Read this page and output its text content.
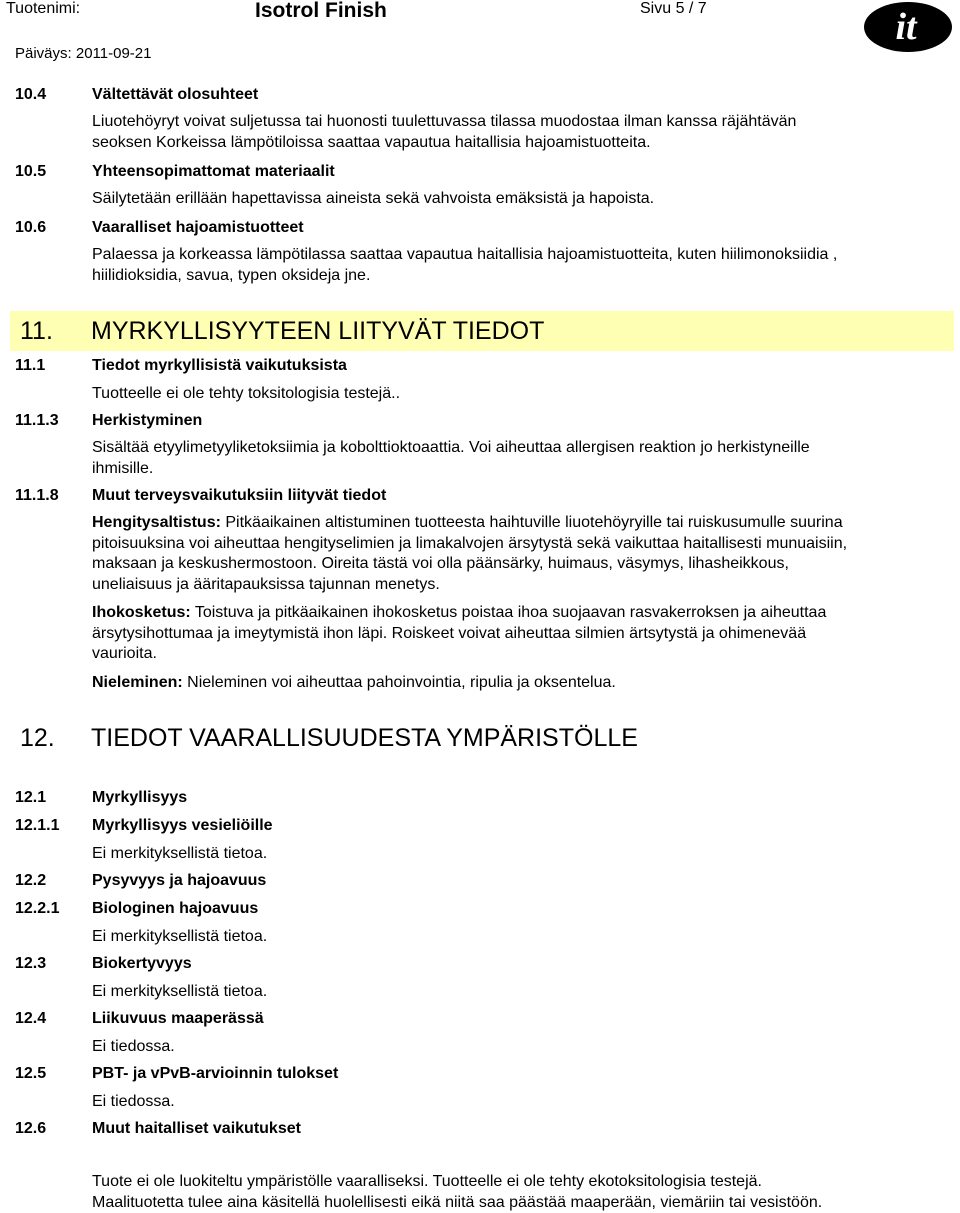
Tuotenimi:	Isotrol Finish	Sivu 5 / 7
Päiväys: 2011-09-21
it
10.4	Vältettävät olosuhteet
Liuotehöyryt voivat suljetussa tai huonosti tuulettuvassa tilassa muodostaa ilman kanssa räjähtävän
seoksen Korkeissa lämpötiloissa saattaa vapautua haitallisia hajoamistuotteita.
10.5	Yhteensopimattomat materiaalit
Säilytetään erillään hapettavissa aineista sekä vahvoista emäksistä ja hapoista.
10.6	Vaaralliset hajoamistuotteet
Palaessa ja korkeassa lämpötilassa saattaa vapautua haitallisia hajoamistuotteita, kuten hiilimonoksiidia ,
hiilidioksidia, savua, typen oksideja jne.
11. MYRKYLLISYYTEEN LIITYVÄT TIEDOT
11.1	Tiedot myrkyllisistä vaikutuksista
Tuotteelle ei ole tehty toksitologisia testejä..
11.1.3 Herkistyminen
Sisältää etyylimetyyliketoksiimia ja kobolttioktoaattia. Voi aiheuttaa allergisen reaktion jo herkistyneille
ihmisille.
11.1.8 Muut terveysvaikutuksiin liityvät tiedot
Hengitysaltistus: Pitkäaikainen altistuminen tuotteesta haihtuville liuotehöyryille tai ruiskusumulle suurina
pitoisuuksina voi aiheuttaa hengityselimien ja limakalvojen ärsytystä sekä vaikuttaa haitallisesti munuaisiin,
maksaan ja keskushermostoon. Oireita tästä voi olla päänsärky, huimaus, väsymys, lihasheikkous,
uneliaisuus ja ääritapauksissa tajunnan menetys.
Ihokosketus: Toistuva ja pitkäaikainen ihokosketus poistaa ihoa suojaavan rasvakerroksen ja aiheuttaa
ärsytysihottumaa ja imeytymistä ihon läpi. Roiskeet voivat aiheuttaa silmien ärtsytystä ja ohimenevää
vaurioita.
Nieleminen: Nieleminen voi aiheuttaa pahoinvointia, ripulia ja oksentelua.
12. TIEDOT VAARALLISUUDESTA YMPÄRISTÖLLE
12.1	Myrkyllisyys
12.1.1 Myrkyllisyys vesieliöille
Ei merkityksellistä tietoa.
12.2	Pysyvyys ja hajoavuus
12.2.1 Biologinen hajoavuus
Ei merkityksellistä tietoa.
12.3	Biokertyvyys
Ei merkityksellistä tietoa.
12.4	Liikuvuus maaperässä
Ei tiedossa.
12.5	PBT- ja vPvB-arvioinnin tulokset
Ei tiedossa.
12.6	Muut haitalliset vaikutukset
Tuote ei ole luokiteltu ympäristölle vaaralliseksi. Tuotteelle ei ole tehty ekotoksitologisia testejä.
Maalituotetta tulee aina käsitellä huolellisesti eikä niitä saa päästää maaperään, viemäriin tai vesistöön.
